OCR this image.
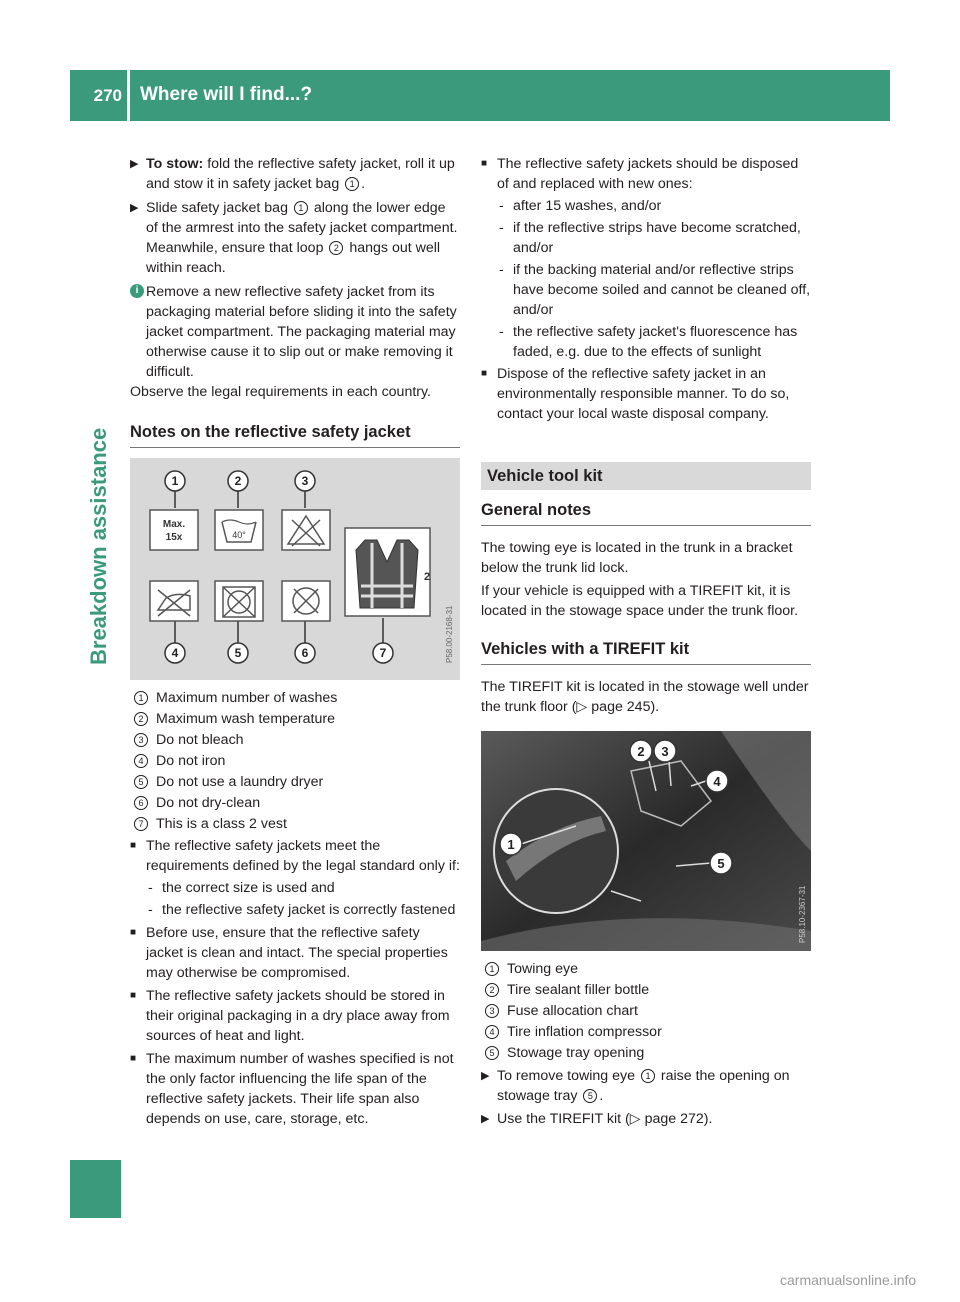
270 Where will I find...?
Breakdown assistance
▶ To stow: fold the reflective safety jacket, roll it up and stow it in safety jacket bag 1 .
▶ Slide safety jacket bag 1 along the lower edge of the armrest into the safety jacket compartment. Meanwhile, ensure that loop 2 hangs out well within reach.
i Remove a new reflective safety jacket from its packaging material before sliding it into the safety jacket compartment. The packaging material may otherwise cause it to slip out or make removing it difficult.

Observe the legal requirements in each country.

Notes on the reflective safety jacket
1	2	3
4	5	6	7
Max.
15x	40°
2
P58.00-2168-31
1 Maximum number of washes
2 Maximum wash temperature
3 Do not bleach
4 Do not iron
5 Do not use a laundry dryer
6 Do not dry-clean
7 This is a class 2 vest
■ The reflective safety jackets meet the requirements defined by the legal standard only if:
- the correct size is used and
- the reflective safety jacket is correctly fastened
■ Before use, ensure that the reflective safety jacket is clean and intact. The special properties may otherwise be compromised.
■ The reflective safety jackets should be stored in their original packaging in a dry place away from sources of heat and light.
■ The maximum number of washes specified is not the only factor influencing the life span of the reflective safety jackets. Their life span also depends on use, care, storage, etc.
■ The reflective safety jackets should be disposed of and replaced with new ones:
- after 15 washes, and/or
- if the reflective strips have become scratched, and/or
- if the backing material and/or reflective strips have become soiled and cannot be cleaned off, and/or
- the reflective safety jacket's fluorescence has faded, e.g. due to the effects of sunlight
■ Dispose of the reflective safety jacket in an environmentally responsible manner. To do so, contact your local waste disposal company.
Vehicle tool kit
General notes

The towing eye is located in the trunk in a bracket below the trunk lid lock.

If your vehicle is equipped with a TIREFIT kit, it is located in the stowage space under the trunk floor.

Vehicles with a TIREFIT kit

The TIREFIT kit is located in the stowage well under the trunk floor (▷ page 245).

1
2 3
4
5
P58.10-2367-31
1 Towing eye
2 Tire sealant filler bottle
3 Fuse allocation chart
4 Tire inflation compressor
5 Stowage tray opening
▶ To remove towing eye 1 raise the opening on stowage tray 5 .
▶ Use the TIREFIT kit (▷ page 272).
carmanualsonline.info
